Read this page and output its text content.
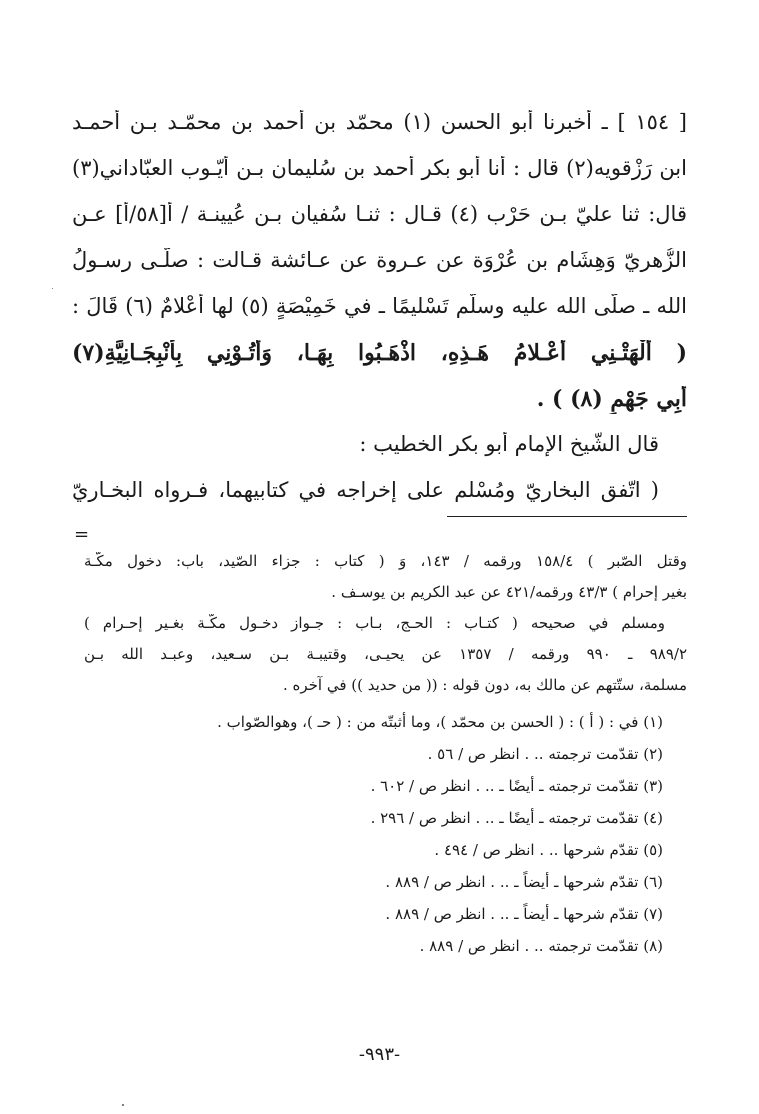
[ ١٥٤ ] ـ أخبرنا أبو الحسن (١) محمّد بن أحمد بن محمّـد بـن أحمـد
ابن رَزْقويه(٢) قال : أنا أبو بكر أحمد بن سُليمان بـن أيّـوب العبّاداني(٣)
قال: ثنا عليّ بـن حَرْب (٤) قـال : ثنـا سُفيان بـن عُيينـة / أ[٥٨/أ] عـن
الزُّهريّ وَهِشَام بن عُرْوَة عن عـروة عن عـائشة قـالت : صلّـى رسـولُ
الله ـ صلّى الله عليه وسلّم تَسْليمًا ـ في خَمِيْصَةٍ (٥) لها أعْلامٌ (٦) قَالَ :
( أَلْهَتْـنِي أَعْـلامُ هَـذِهِ، اذْهَـبُوا بِهَـا، وَأْتُـوْنِي بِأَنْبِجَـانِيَّةِ(٧)
أَبِي جَهْمٍ (٨) ) .
قال الشّيخ الإمام أبو بكر الخطيب :
( اتّفق البخاريّ ومُسْلم على إخراجه في كتابيهما، فـرواه البخـاريّ
=
وقتل الصّبر ) ١٥٨/٤ ورقمه / ١٤٣، وَ ( كتاب : جزاء الصّيد، باب: دخول مكّـة
بغير إحرام ) ٤٣/٣ ورقمه/٤٢١ عن عبد الكريم بن يوسـف .
ومسلم في صحيحه ( كتـاب : الحـج، بـاب : جـواز دخـول مكّـة بغـير إحـرام )
٩٨٩/٢ ـ ٩٩٠ ورقمه / ١٣٥٧ عن يحيـى، وقتيبـة بـن سـعيد، وعبـد الله بـن
مسلمة، ستّتهم عن مالك به، دون قوله : (( من حديد )) في آخره .
(١) في : ( أ ) : ( الحسن بن محمّد )، وما أثبتّه من : ( حـ )، وهوالصّواب .
(٢) تقدّمت ترجمته .. . انظر ص / ٥٦ .
(٣) تقدّمت ترجمته ـ أيضًا ـ .. . انظر ص / ٦٠٢ .
(٤) تقدّمت ترجمته ـ أيضًا ـ .. . انظر ص / ٢٩٦ .
(٥) تقدّم شرحها .. . انظر ص / ٤٩٤ .
(٦) تقدّم شرحها ـ أيضاً ـ .. . انظر ص / ٨٨٩ .
(٧) تقدّم شرحها ـ أيضاً ـ .. . انظر ص / ٨٨٩ .
(٨) تقدّمت ترجمته .. . انظر ص / ٨٨٩ .
-٩٩٣-
